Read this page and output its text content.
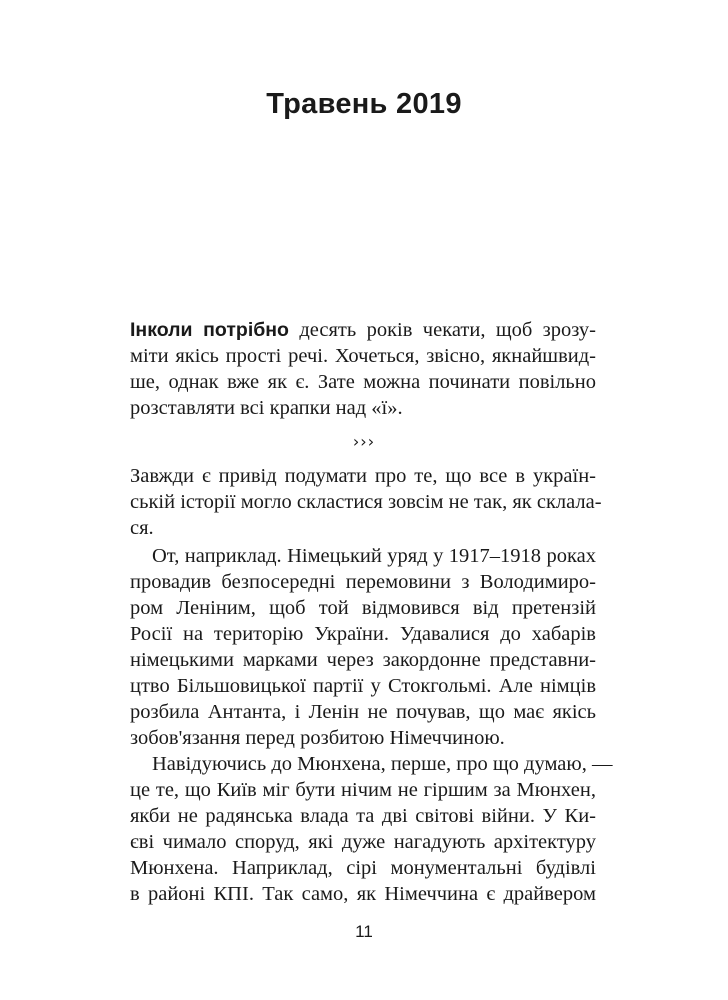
Травень 2019
Інколи потрібно десять років чекати, щоб зрозу-
міти якісь прості речі. Хочеться, звісно, якнайшвид-
ше, однак вже як є. Зате можна починати повільно
розставляти всі крапки над «ї».
›››
Завжди є привід подумати про те, що все в україн-
ській історії могло скластися зовсім не так, як склала-
ся.
От, наприклад. Німецький уряд у 1917–1918 роках
провадив безпосередні перемовини з Володимиро-
ром Леніним, щоб той відмовився від претензій
Росії на територію України. Удавалися до хабарів
німецькими марками через закордонне представни-
цтво Більшовицької партії у Стокгольмі. Але німців
розбила Антанта, і Ленін не почував, що має якісь
зобов'язання перед розбитою Німеччиною.
Навідуючись до Мюнхена, перше, про що думаю, —
це те, що Київ міг бути нічим не гіршим за Мюнхен,
якби не радянська влада та дві світові війни. У Ки-
єві чимало споруд, які дуже нагадують архітектуру
Мюнхена. Наприклад, сірі монументальні будівлі
в районі КПІ. Так само, як Німеччина є драйвером
11
